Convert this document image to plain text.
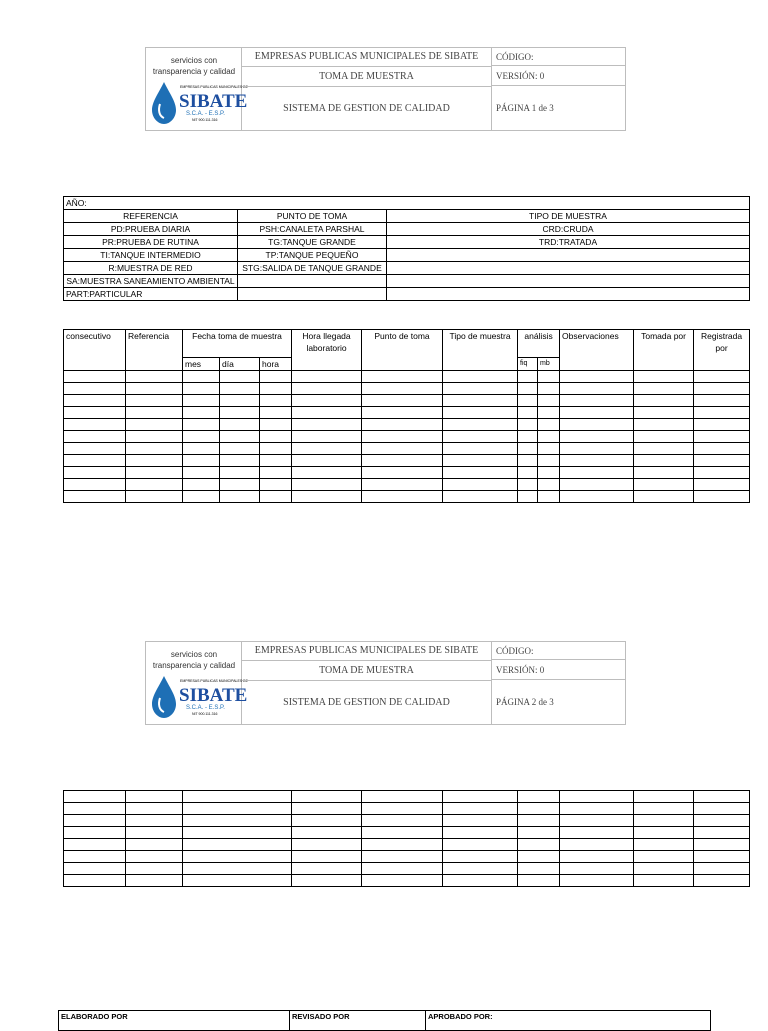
servicios con transparencia y calidad
EMPRESAS PUBLICAS MUNICIPALES DE
SIBATE
S.C.A. - E.S.P.
NIT 900.111.316
EMPRESAS PUBLICAS MUNICIPALES DE SIBATE
TOMA DE MUESTRA
SISTEMA DE GESTION DE CALIDAD
CÓDIGO:
VERSIÓN: 0
PÁGINA 1 de 3
AÑO:		
REFERENCIA	PUNTO DE TOMA	TIPO DE MUESTRA
PD:PRUEBA DIARIA	PSH:CANALETA PARSHAL	CRD:CRUDA
PR:PRUEBA DE RUTINA	TG:TANQUE GRANDE	TRD:TRATADA
TI:TANQUE INTERMEDIO	TP:TANQUE PEQUEÑO	
R:MUESTRA DE RED	STG:SALIDA DE TANQUE GRANDE	
SA:MUESTRA SANEAMIENTO AMBIENTAL		
PART:PARTICULAR		
consecutivo	Referencia	Fecha toma de muestra			Hora llegada laboratorio	Punto de toma	Tipo de muestra	análisis		Observaciones	Tomada por	Registrada por
		mes	día	hora				fiq	mb			

servicios con transparencia y calidad
EMPRESAS PUBLICAS MUNICIPALES DE
SIBATE
S.C.A. - E.S.P.
NIT 900.111.316
EMPRESAS PUBLICAS MUNICIPALES DE SIBATE
TOMA DE MUESTRA
SISTEMA DE GESTION DE CALIDAD
CÓDIGO:
VERSIÓN: 0
PÁGINA 2 de 3

ELABORADO POR	REVISADO POR	APROBADO POR:
